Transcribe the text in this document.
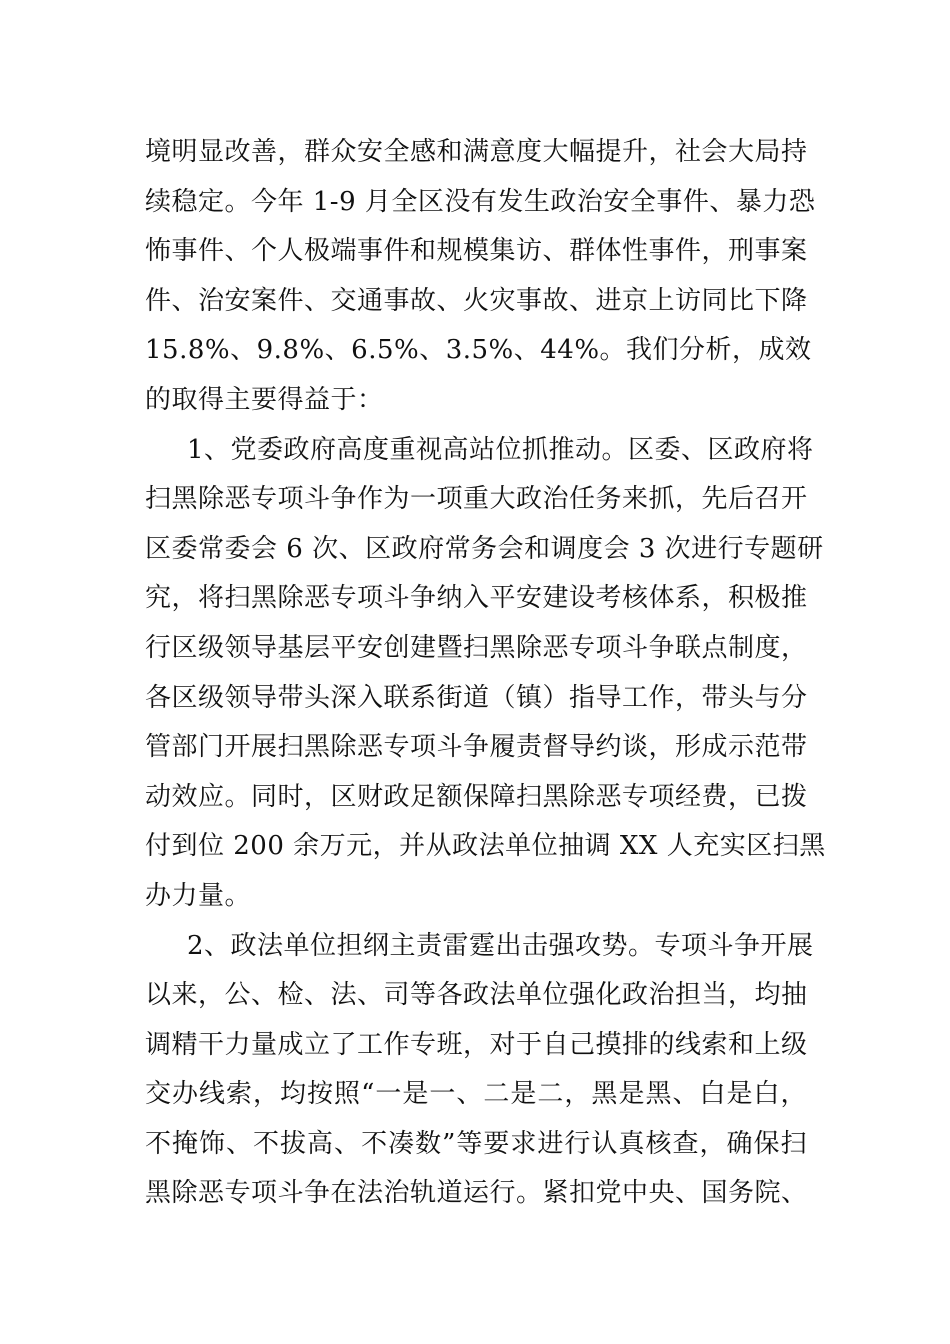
境明显改善，群众安全感和满意度大幅提升，社会大局持
续稳定。今年 1-9 月全区没有发生政治安全事件、暴力恐
怖事件、个人极端事件和规模集访、群体性事件，刑事案
件、治安案件、交通事故、火灾事故、进京上访同比下降
15.8%、9.8%、6.5%、3.5%、44%。我们分析，成效
的取得主要得益于：
1、党委政府高度重视高站位抓推动。区委、区政府将
扫黑除恶专项斗争作为一项重大政治任务来抓，先后召开
区委常委会 6 次、区政府常务会和调度会 3 次进行专题研
究，将扫黑除恶专项斗争纳入平安建设考核体系，积极推
行区级领导基层平安创建暨扫黑除恶专项斗争联点制度，
各区级领导带头深入联系街道（镇）指导工作，带头与分
管部门开展扫黑除恶专项斗争履责督导约谈，形成示范带
动效应。同时，区财政足额保障扫黑除恶专项经费，已拨
付到位 200 余万元，并从政法单位抽调 XX 人充实区扫黑
办力量。
2、政法单位担纲主责雷霆出击强攻势。专项斗争开展
以来，公、检、法、司等各政法单位强化政治担当，均抽
调精干力量成立了工作专班，对于自己摸排的线索和上级
交办线索，均按照“一是一、二是二，黑是黑、白是白，
不掩饰、不拔高、不凑数”等要求进行认真核查，确保扫
黑除恶专项斗争在法治轨道运行。紧扣党中央、国务院、
